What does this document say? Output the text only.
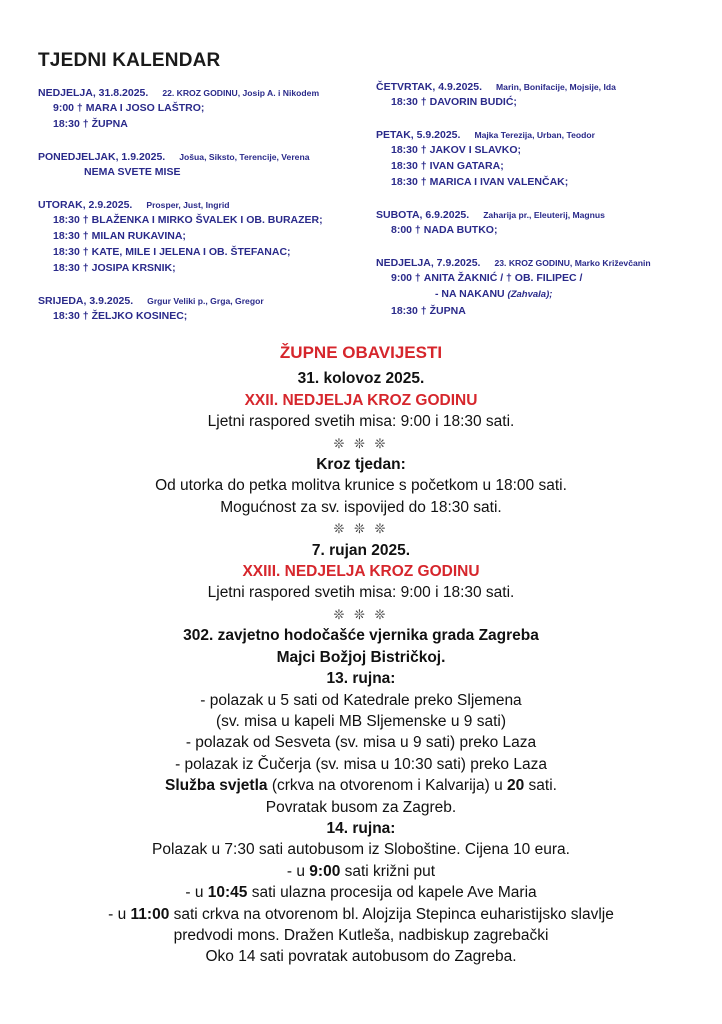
TJEDNI KALENDAR
NEDJELJA, 31.8.2025. 22. KROZ GODINU, Josip A. i Nikodem
9:00 † MARA I JOSO LAŠTRO;
18:30 † ŽUPNA
PONEDJELJAK, 1.9.2025. Jošua, Siksto, Terencije, Verena
NEMA SVETE MISE
UTORAK, 2.9.2025. Prosper, Just, Ingrid
18:30 † BLAŽENKA I MIRKO ŠVALEK I OB. BURAZER;
18:30 † MILAN RUKAVINA;
18:30 † KATE, MILE I JELENA I OB. ŠTEFANAC;
18:30 † JOSIPA KRSNIK;
SRIJEDA, 3.9.2025. Grgur Veliki p., Grga, Gregor
18:30 † ŽELJKO KOSINEC;
ČETVRTAK, 4.9.2025. Marin, Bonifacije, Mojsije, Ida
18:30 † DAVORIN BUDIĆ;
PETAK, 5.9.2025. Majka Terezija, Urban, Teodor
18:30 † JAKOV I SLAVKO;
18:30 † IVAN GATARA;
18:30 † MARICA I IVAN VALENČAK;
SUBOTA, 6.9.2025. Zaharija pr., Eleuterij, Magnus
8:00 † NADA BUTKO;
NEDJELJA, 7.9.2025. 23. KROZ GODINU, Marko Križevčanin
9:00 † ANITA ŽAKNIĆ / † OB. FILIPEC /
- NA NAKANU (Zahvala);
18:30 † ŽUPNA
ŽUPNE OBAVIJESTI
31. kolovoz 2025.
XXII. NEDJELJA KROZ GODINU
Ljetni raspored svetih misa: 9:00 i 18:30 sati.
❊ ❊ ❊
Kroz tjedan:
Od utorka do petka molitva krunice s početkom u 18:00 sati.
Mogućnost za sv. ispovijed do 18:30 sati.
❊ ❊ ❊
7. rujan 2025.
XXIII. NEDJELJA KROZ GODINU
Ljetni raspored svetih misa: 9:00 i 18:30 sati.
❊ ❊ ❊
302. zavjetno hodočašće vjernika grada Zagreba
Majci Božjoj Bistričkoj.
13. rujna:
- polazak u 5 sati od Katedrale preko Sljemena
(sv. misa u kapeli MB Sljemenske u 9 sati)
- polazak od Sesveta (sv. misa u 9 sati) preko Laza
- polazak iz Čučerja (sv. misa u 10:30 sati) preko Laza
Služba svjetla (crkva na otvorenom i Kalvarija) u 20 sati.
Povratak busom za Zagreb.
14. rujna:
Polazak u 7:30 sati autobusom iz Sloboštine. Cijena 10 eura.
- u 9:00 sati križni put
- u 10:45 sati ulazna procesija od kapele Ave Maria
- u 11:00 sati crkva na otvorenom bl. Alojzija Stepinca euharistijsko slavlje
predvodi mons. Dražen Kutleša, nadbiskup zagrebački
Oko 14 sati povratak autobusom do Zagreba.
